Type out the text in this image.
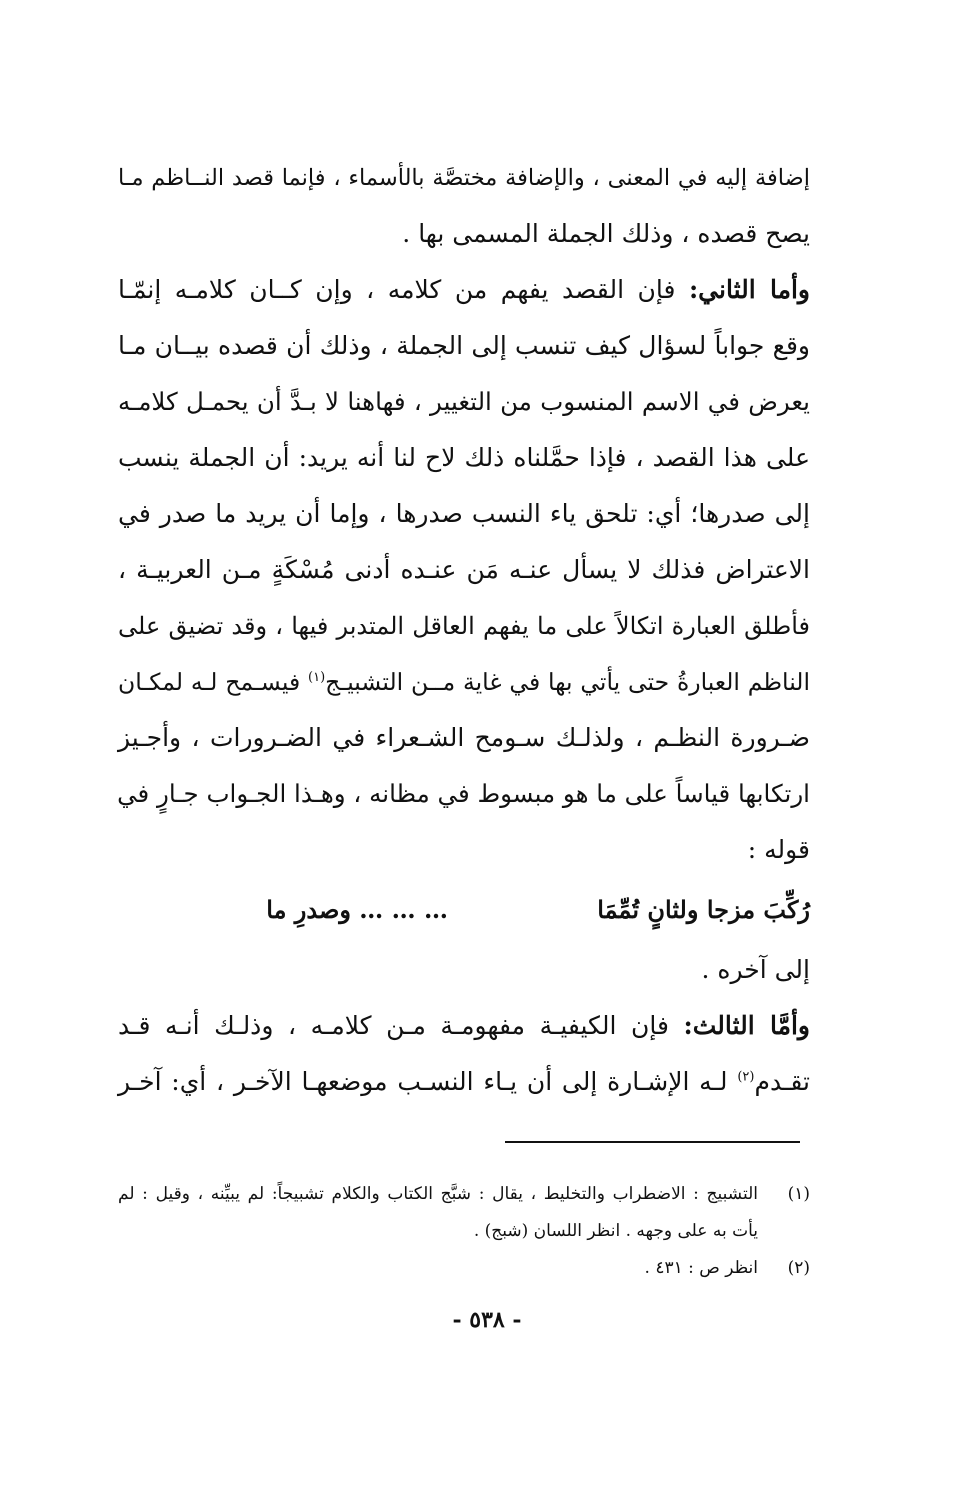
إضافة إليه في المعنى ، والإضافة مختصَّة بالأسماء ، فإنما قصد النــاظم مـا
يصح قصده ، وذلك الجملة المسمى بها .
وأما الثاني: فإن القصد يفهم من كلامه ، وإن كــان كلامـه إنمّـا
وقع جواباً لسؤال كيف تنسب إلى الجملة ، وذلك أن قصده بيــان مـا
يعرض في الاسم المنسوب من التغيير ، فهاهنا لا بـدَّ أن يحمـل كلامـه
على هذا القصد ، فإذا حمَّلناه ذلك لاح لنا أنه يريد: أن الجملة ينسب
إلى صدرها؛ أي: تلحق ياء النسب صدرها ، وإما أن يريد ما صدر في
الاعتراض فذلك لا يسأل عنـه مَن عنـده أدنى مُسْكَةٍ مـن العربيـة ،
فأطلق العبارة اتكالاً على ما يفهم العاقل المتدبر فيها ، وقد تضيق على
الناظم العبارةُ حتى يأتي بها في غاية مــن التشبيـج$^{(١)}$ فيسـمح لـه لمكـان
ضـرورة النظـم ، ولذلـك سـومح الشـعراء في الضـرورات ، وأجـيز
ارتكابها قياساً على ما هو مبسوط في مظانه ، وهـذا الجـواب جـارٍ في
قوله :
رُكِّبَ مزجا ولثانٍ تُمِّمَا… … … وصدرِ ما
إلى آخره .
وأمَّا الثالث: فإن الكيفيـة مفهومـة مـن كلامـه ، وذلـك أنـه قـد
تقـدم$^{(٢)}$ لـه الإشـارة إلى أن يـاء النسـب موضعهـا الآخـر ، أي: آخـر
(١)
التشبيج : الاضطراب والتخليط ، يقال : شبَّج الكتاب والكلام تشبيجاً: لم يبيِّنه ، وقيل : لم
يأت به على وجهه . انظر اللسان (شبج) .
(٢)
انظر ص : ٤٣١ .
- ٥٣٨ -
